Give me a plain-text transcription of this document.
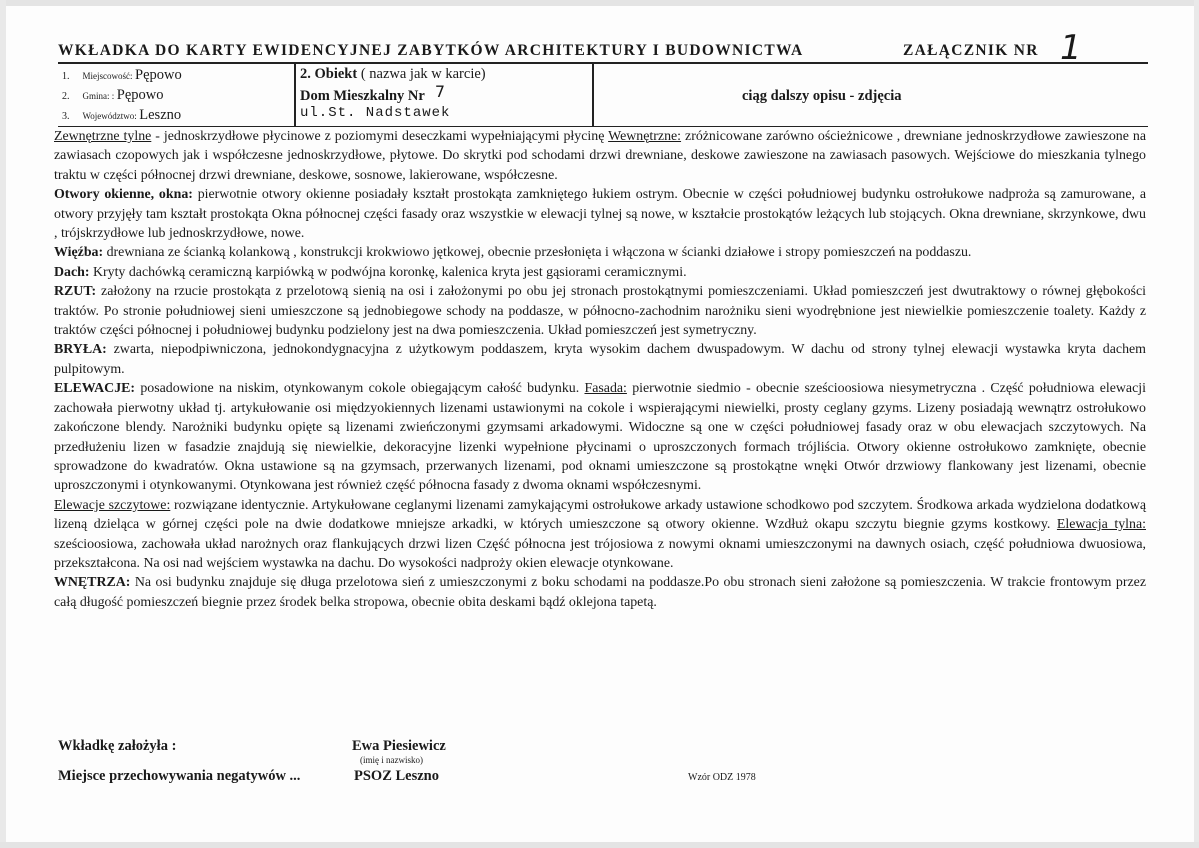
WKŁADKA DO KARTY EWIDENCYJNEJ ZABYTKÓW ARCHITEKTURY I BUDOWNICTWA	ZAŁĄCZNIK NR 1
1. Miejscowość: Pępowo
2. Gmina: : Pępowo
3. Województwo: Leszno
2. Obiekt ( nazwa jak w karcie)
Dom Mieszkalny Nr 7
ul.St. Nadstawek
ciąg dalszy opisu - zdjęcia

Zewnętrzne tylne - jednoskrzydłowe płycinowe z poziomymi deseczkami wypełniającymi płycinę Wewnętrzne: zróżnicowane zarówno ościeżnicowe , drewniane jednoskrzydłowe zawieszone na zawiasach czopowych jak i współczesne jednoskrzydłowe, płytowe. Do skrytki pod schodami drzwi drewniane, deskowe zawieszone na zawiasach pasowych. Wejściowe do mieszkania tylnego traktu w części północnej drzwi drewniane, deskowe, sosnowe, lakierowane, współczesne.

Otwory okienne, okna: pierwotnie otwory okienne posiadały kształt prostokąta zamkniętego łukiem ostrym. Obecnie w części południowej budynku ostrołukowe nadproża są zamurowane, a otwory przyjęły tam kształt prostokąta Okna północnej części fasady oraz wszystkie w elewacji tylnej są nowe, w kształcie prostokątów leżących lub stojących. Okna drewniane, skrzynkowe, dwu , trójskrzydłowe lub jednoskrzydłowe, nowe.

Więźba: drewniana ze ścianką kolankową , konstrukcji krokwiowo jętkowej, obecnie przesłonięta i włączona w ścianki działowe i stropy pomieszczeń na poddaszu.

Dach: Kryty dachówką ceramiczną karpiówką w podwójna koronkę, kalenica kryta jest gąsiorami ceramicznymi.

RZUT: założony na rzucie prostokąta z przelotową sienią na osi i założonymi po obu jej stronach prostokątnymi pomieszczeniami. Układ pomieszczeń jest dwutraktowy o równej głębokości traktów. Po stronie południowej sieni umieszczone są jednobiegowe schody na poddasze, w północno-zachodnim narożniku sieni wyodrębnione jest niewielkie pomieszczenie toalety. Każdy z traktów części północnej i południowej budynku podzielony jest na dwa pomieszczenia. Układ pomieszczeń jest symetryczny.

BRYŁA: zwarta, niepodpiwniczona, jednokondygnacyjna z użytkowym poddaszem, kryta wysokim dachem dwuspadowym. W dachu od strony tylnej elewacji wystawka kryta dachem pulpitowym.

ELEWACJE: posadowione na niskim, otynkowanym cokole obiegającym całość budynku. Fasada: pierwotnie siedmio - obecnie sześcioosiowa niesymetryczna . Część południowa elewacji zachowała pierwotny układ tj. artykułowanie osi międzyokiennych lizenami ustawionymi na cokole i wspierającymi niewielki, prosty ceglany gzyms. Lizeny posiadają wewnątrz ostrołukowo zakończone blendy. Narożniki budynku opięte są lizenami zwieńczonymi gzymsami arkadowymi. Widoczne są one w części południowej fasady oraz w obu elewacjach szczytowych. Na przedłużeniu lizen w fasadzie znajdują się niewielkie, dekoracyjne lizenki wypełnione płycinami o uproszczonych formach trójliścia. Otwory okienne ostrołukowo zamknięte, obecnie sprowadzone do kwadratów. Okna ustawione są na gzymsach, przerwanych lizenami, pod oknami umieszczone są prostokątne wnęki Otwór drzwiowy flankowany jest lizenami, obecnie uproszczonymi i otynkowanymi. Otynkowana jest również część północna fasady z dwoma oknami współczesnymi.

Elewacje szczytowe: rozwiązane identycznie. Artykułowane ceglanymi lizenami zamykającymi ostrołukowe arkady ustawione schodkowo pod szczytem. Środkowa arkada wydzielona dodatkową lizeną dzieląca w górnej części pole na dwie dodatkowe mniejsze arkadki, w których umieszczone są otwory okienne. Wzdłuż okapu szczytu biegnie gzyms kostkowy. Elewacja tylna: sześcioosiowa, zachowała układ narożnych oraz flankujących drzwi lizen Część północna jest trójosiowa z nowymi oknami umieszczonymi na dawnych osiach, część południowa dwuosiowa, przekształcona. Na osi nad wejściem wystawka na dachu. Do wysokości nadproży okien elewacje otynkowane.

WNĘTRZA: Na osi budynku znajduje się długa przelotowa sień z umieszczonymi z boku schodami na poddasze.Po obu stronach sieni założone są pomieszczenia. W trakcie frontowym przez całą długość pomieszczeń biegnie przez środek belka stropowa, obecnie obita deskami bądź oklejona tapetą.

Wkładkę założyła :	Ewa Piesiewicz
(imię i nazwisko)
Miejsce przechowywania negatywów ...	PSOZ Leszno	Wzór ODZ 1978
